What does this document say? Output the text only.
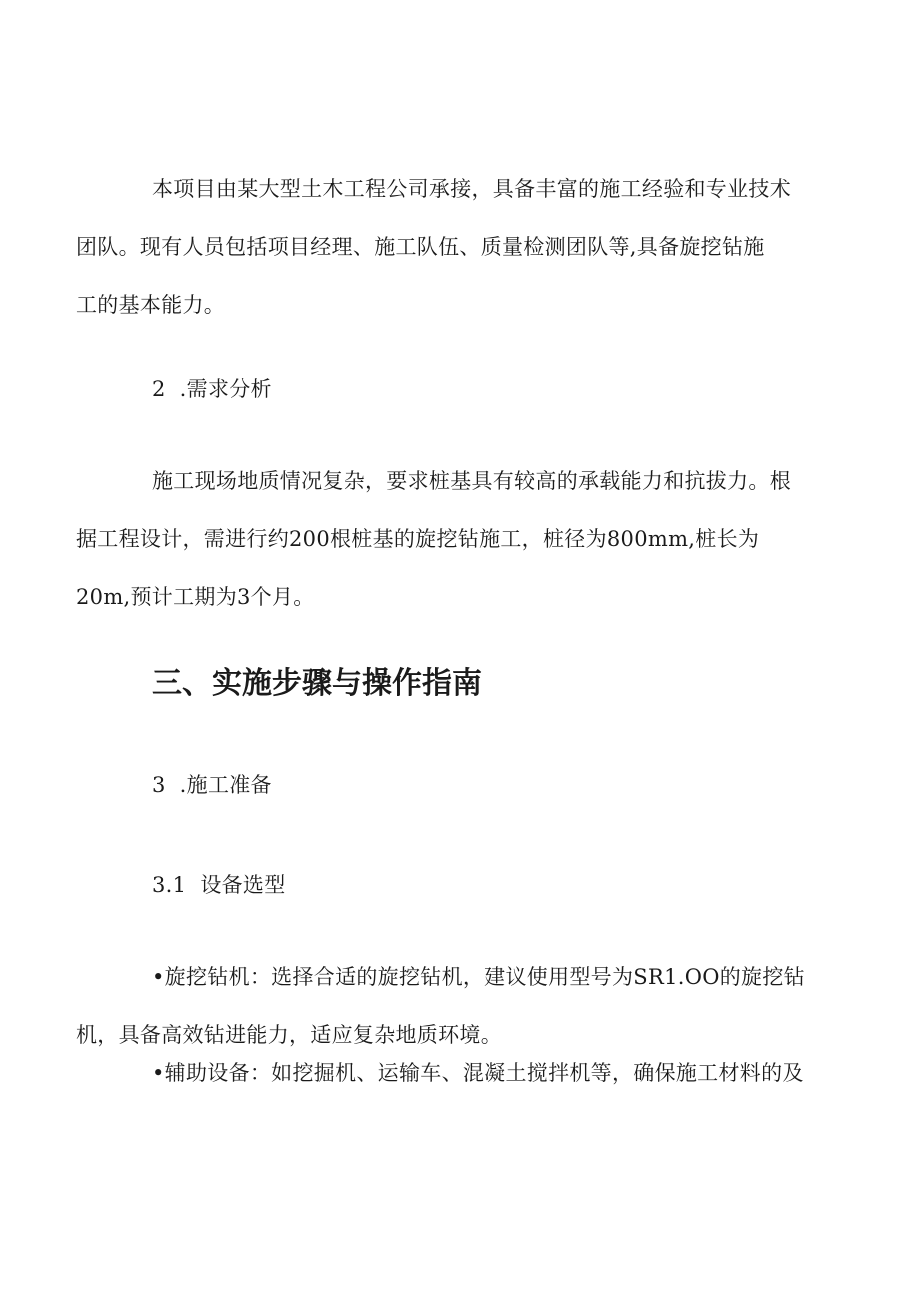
本项目由某大型土木工程公司承接，具备丰富的施工经验和专业技术
团队。现有人员包括项目经理、施工队伍、质量检测团队等,具备旋挖钻施
工的基本能力。
2 .需求分析
施工现场地质情况复杂，要求桩基具有较高的承载能力和抗拔力。根
据工程设计，需进行约200根桩基的旋挖钻施工，桩径为800mm,桩长为
20m,预计工期为3个月。
三、实施步骤与操作指南
3 .施工准备
3.1 设备选型
•旋挖钻机：选择合适的旋挖钻机，建议使用型号为SR1.OO的旋挖钻
机，具备高效钻进能力，适应复杂地质环境。
•辅助设备：如挖掘机、运输车、混凝土搅拌机等，确保施工材料的及
